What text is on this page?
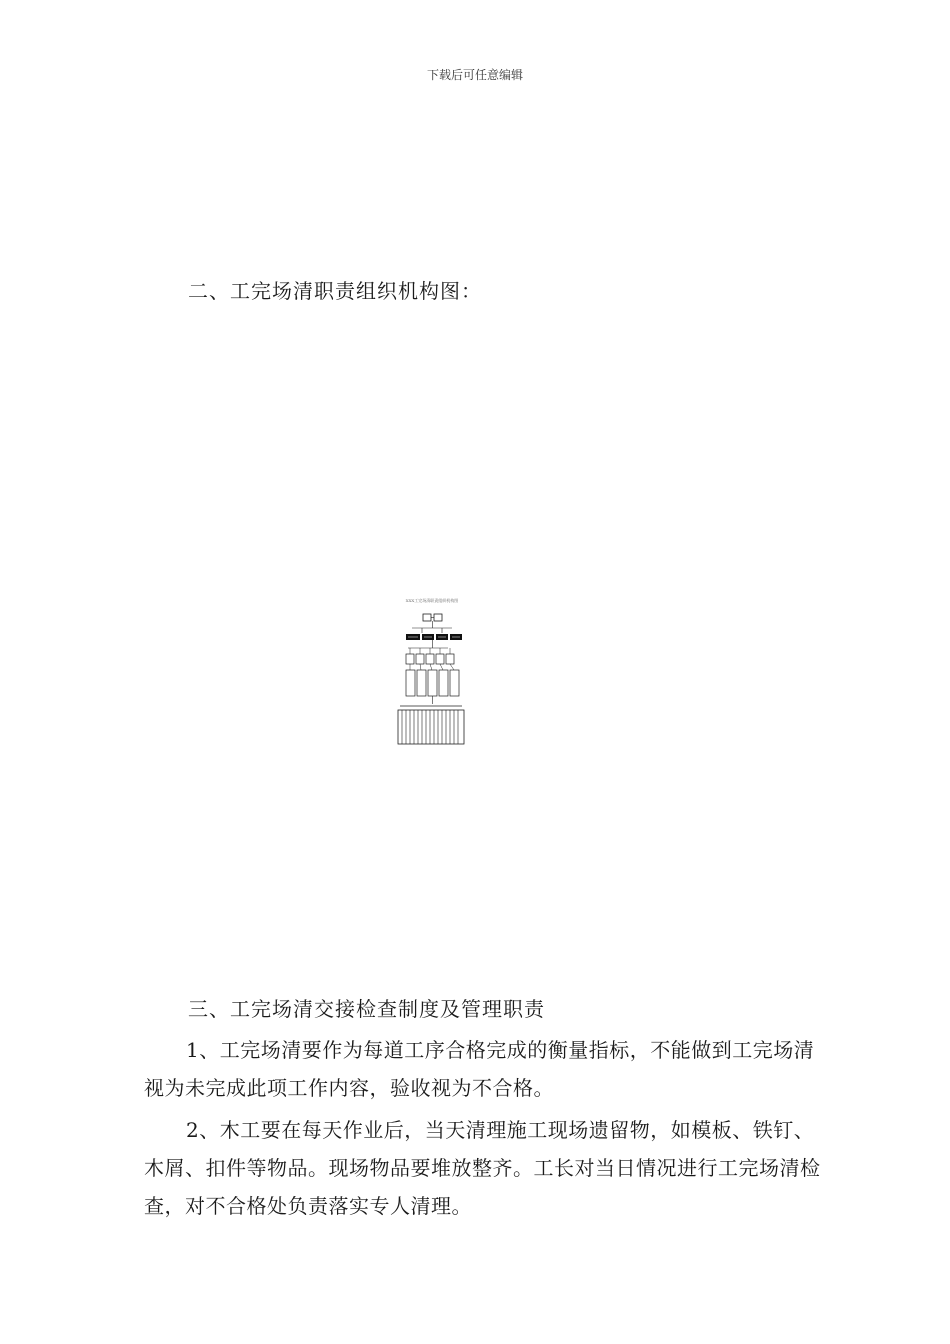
下载后可任意编辑
二、工完场清职责组织机构图：
XXX工完场清职责组织机构图
三、工完场清交接检查制度及管理职责

1、工完场清要作为每道工序合格完成的衡量指标，不能做到工完场清视为未完成此项工作内容，验收视为不合格。

2、木工要在每天作业后，当天清理施工现场遗留物，如模板、铁钉、木屑、扣件等物品。现场物品要堆放整齐。工长对当日情况进行工完场清检查，对不合格处负责落实专人清理。
